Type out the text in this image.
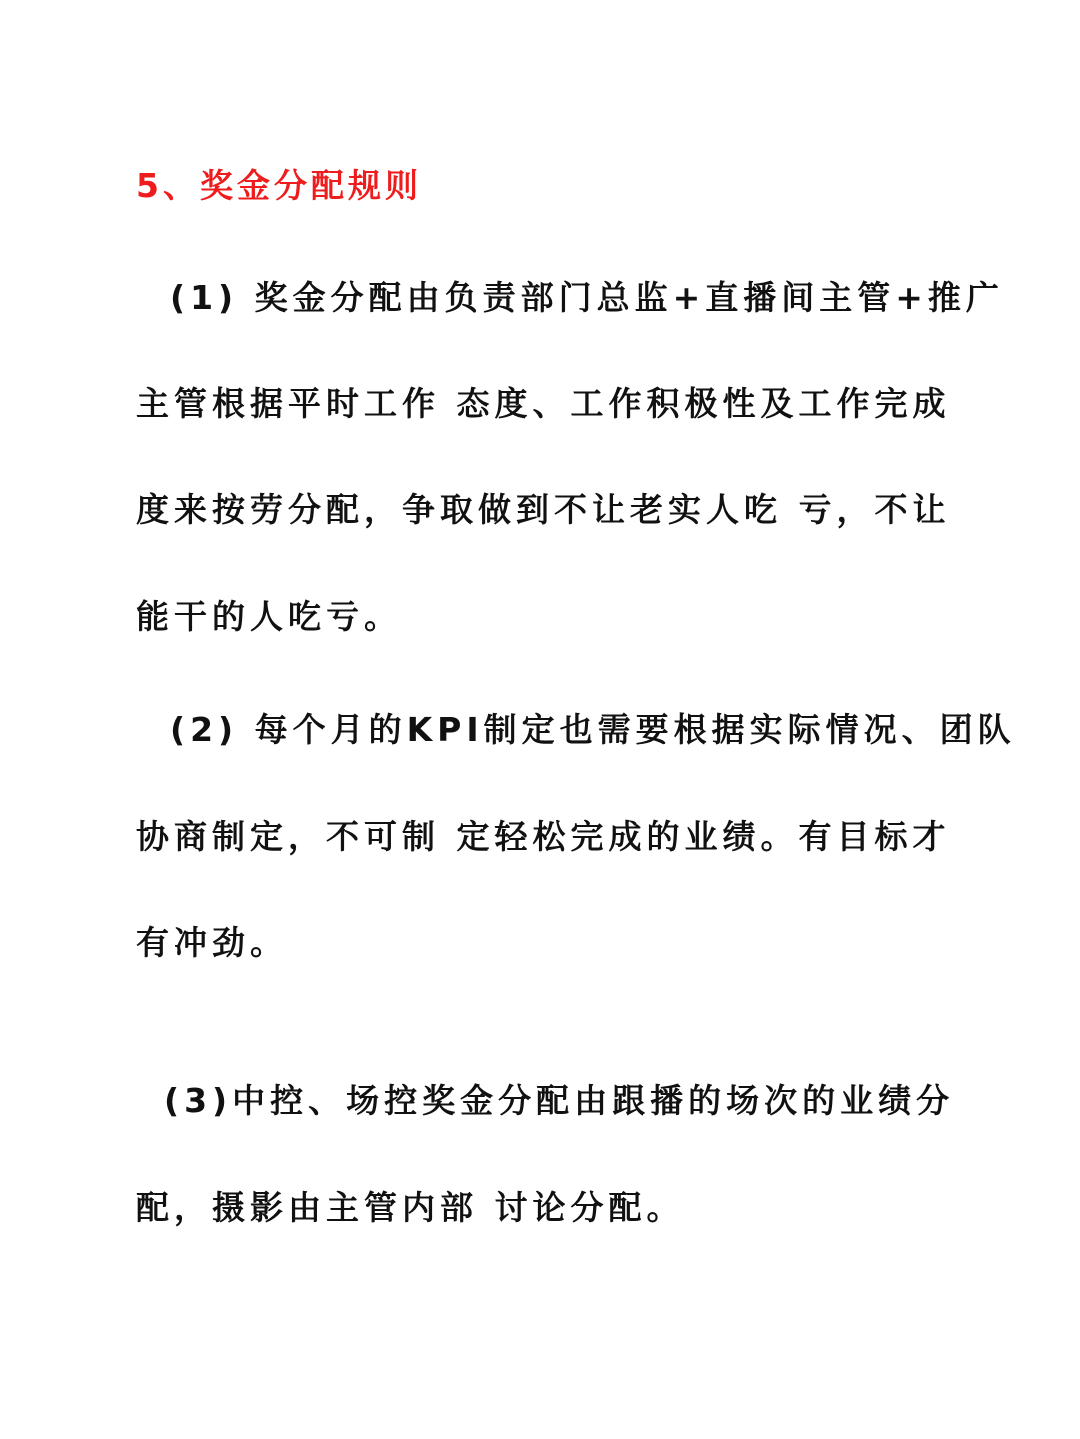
5、奖金分配规则
(1) 奖金分配由负责部门总监+直播间主管+推广
主管根据平时工作 态度、工作积极性及工作完成
度来按劳分配，争取做到不让老实人吃 亏，不让
能干的人吃亏。
(2) 每个月的KPI制定也需要根据实际情况、团队
协商制定，不可制 定轻松完成的业绩。有目标才
有冲劲。
(3)中控、场控奖金分配由跟播的场次的业绩分
配，摄影由主管内部 讨论分配。
